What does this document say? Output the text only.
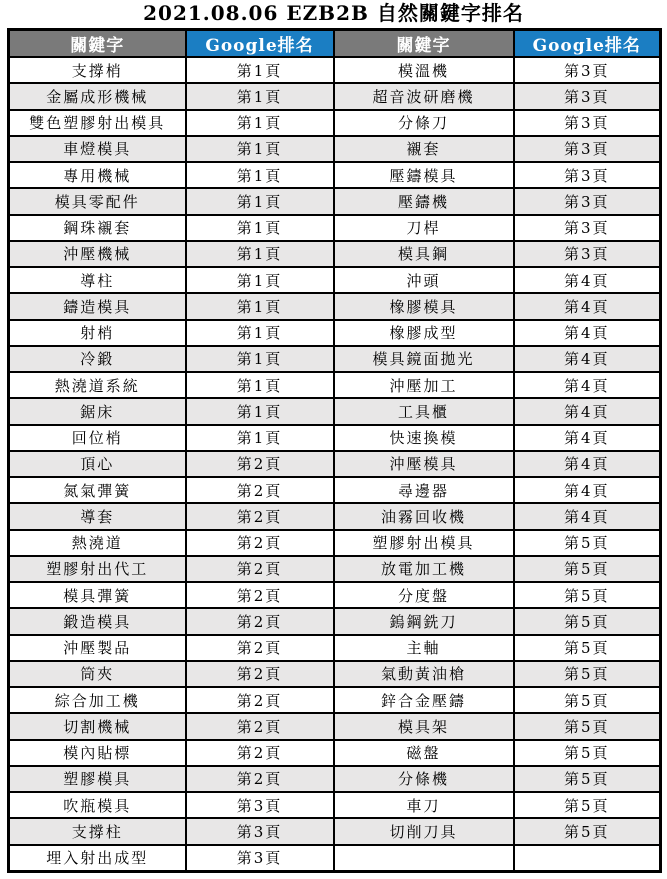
2021.08.06 EZB2B 自然關鍵字排名
關鍵字	Google排名	關鍵字	Google排名
支撐梢	第1頁	模溫機	第3頁
金屬成形機械	第1頁	超音波研磨機	第3頁
雙色塑膠射出模具	第1頁	分條刀	第3頁
車燈模具	第1頁	襯套	第3頁
專用機械	第1頁	壓鑄模具	第3頁
模具零配件	第1頁	壓鑄機	第3頁
鋼珠襯套	第1頁	刀桿	第3頁
沖壓機械	第1頁	模具鋼	第3頁
導柱	第1頁	沖頭	第4頁
鑄造模具	第1頁	橡膠模具	第4頁
射梢	第1頁	橡膠成型	第4頁
冷鍛	第1頁	模具鏡面拋光	第4頁
熱澆道系統	第1頁	沖壓加工	第4頁
鋸床	第1頁	工具櫃	第4頁
回位梢	第1頁	快速換模	第4頁
頂心	第2頁	沖壓模具	第4頁
氮氣彈簧	第2頁	尋邊器	第4頁
導套	第2頁	油霧回收機	第4頁
熱澆道	第2頁	塑膠射出模具	第5頁
塑膠射出代工	第2頁	放電加工機	第5頁
模具彈簧	第2頁	分度盤	第5頁
鍛造模具	第2頁	鎢鋼銑刀	第5頁
沖壓製品	第2頁	主軸	第5頁
筒夾	第2頁	氣動黃油槍	第5頁
綜合加工機	第2頁	鋅合金壓鑄	第5頁
切割機械	第2頁	模具架	第5頁
模內貼標	第2頁	磁盤	第5頁
塑膠模具	第2頁	分條機	第5頁
吹瓶模具	第3頁	車刀	第5頁
支撐柱	第3頁	切削刀具	第5頁
埋入射出成型	第3頁		
